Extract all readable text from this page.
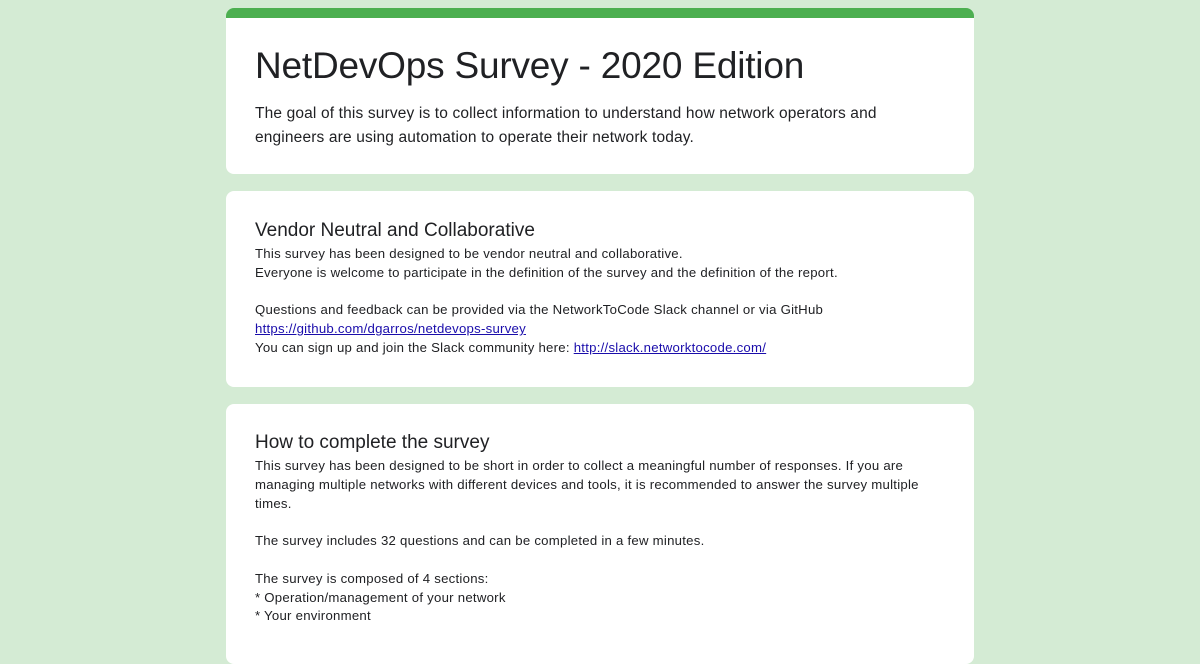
NetDevOps Survey - 2020 Edition

The goal of this survey is to collect information to understand how network operators and engineers are using automation to operate their network today.

Vendor Neutral and Collaborative
This survey has been designed to be vendor neutral and collaborative.
Everyone is welcome to participate in the definition of the survey and the definition of the report.
Questions and feedback can be provided via the NetworkToCode Slack channel or via GitHub
https://github.com/dgarros/netdevops-survey
You can sign up and join the Slack community here: http://slack.networktocode.com/
How to complete the survey
This survey has been designed to be short in order to collect a meaningful number of responses. If you are managing multiple networks with different devices and tools, it is recommended to answer the survey multiple times.
The survey includes 32 questions and can be completed in a few minutes.
The survey is composed of 4 sections:
* Operation/management of your network
* Your environment
